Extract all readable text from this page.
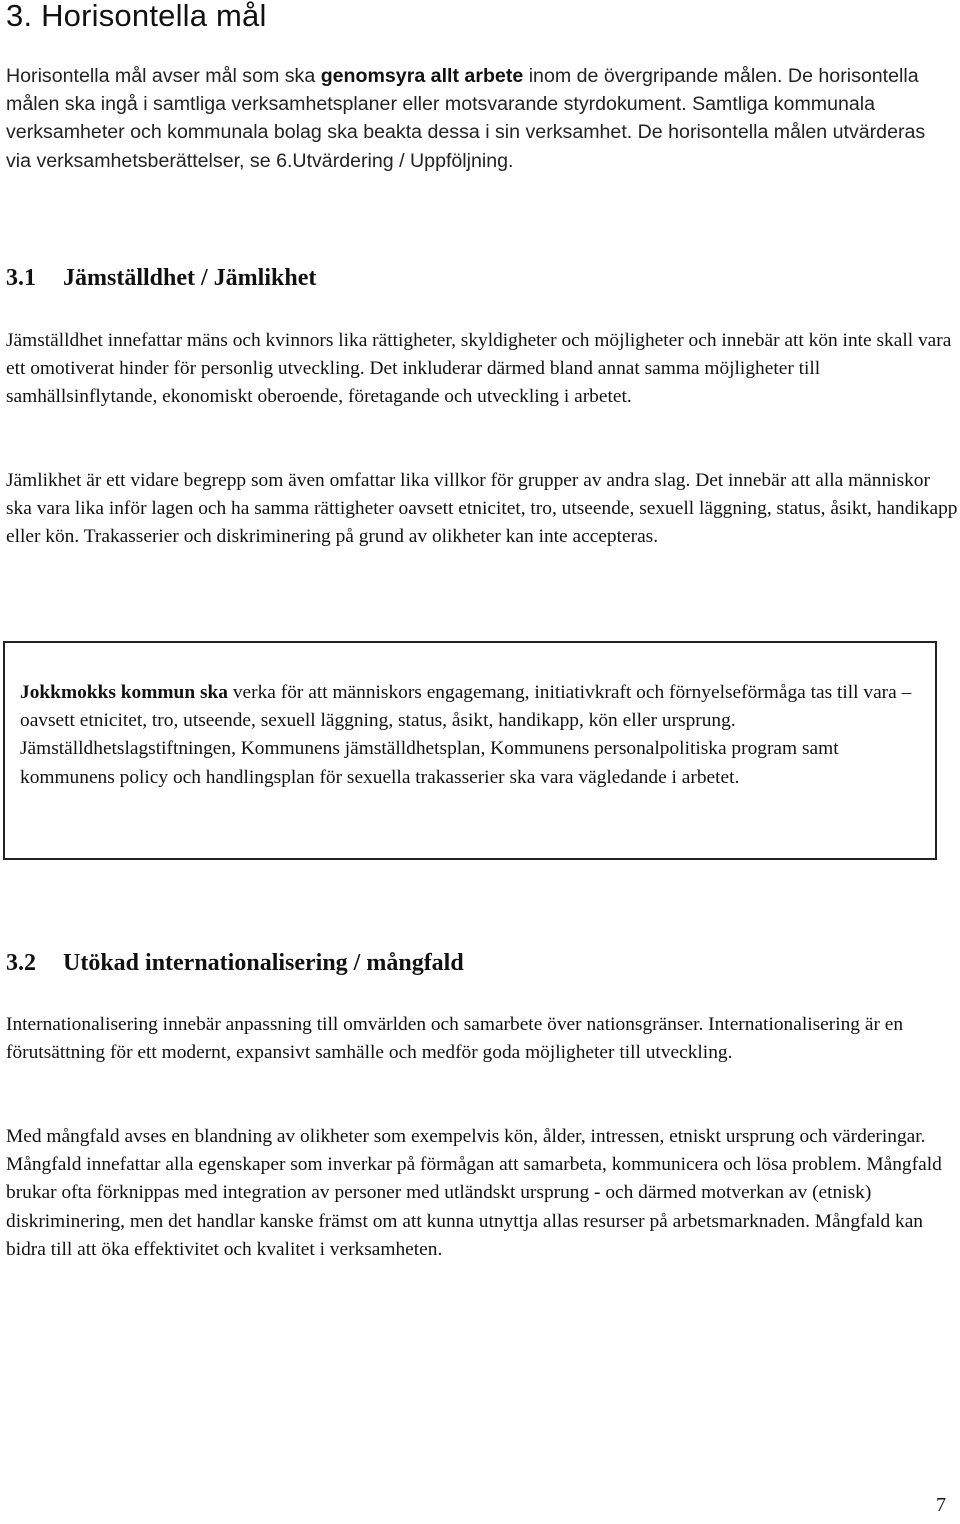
3. Horisontella mål

Horisontella mål avser mål som ska genomsyra allt arbete inom de övergripande målen. De horisontella målen ska ingå i samtliga verksamhetsplaner eller motsvarande styrdokument. Samtliga kommunala verksamheter och kommunala bolag ska beakta dessa i sin verksamhet. De horisontella målen utvärderas via verksamhetsberättelser, se 6.Utvärdering / Uppföljning.

3.1 Jämställdhet / Jämlikhet

Jämställdhet innefattar mäns och kvinnors lika rättigheter, skyldigheter och möjligheter och innebär att kön inte skall vara ett omotiverat hinder för personlig utveckling. Det inkluderar därmed bland annat samma möjligheter till samhällsinflytande, ekonomiskt oberoende, företagande och utveckling i arbetet.

Jämlikhet är ett vidare begrepp som även omfattar lika villkor för grupper av andra slag. Det innebär att alla människor ska vara lika inför lagen och ha samma rättigheter oavsett etnicitet, tro, utseende, sexuell läggning, status, åsikt, handikapp eller kön. Trakasserier och diskriminering på grund av olikheter kan inte accepteras.

Jokkmokks kommun ska verka för att människors engagemang, initiativkraft och förnyelseförmåga tas till vara – oavsett etnicitet, tro, utseende, sexuell läggning, status, åsikt, handikapp, kön eller ursprung. Jämställdhetslagstiftningen, Kommunens jämställdhetsplan, Kommunens personalpolitiska program samt kommunens policy och handlingsplan för sexuella trakasserier ska vara vägledande i arbetet.

3.2 Utökad internationalisering / mångfald

Internationalisering innebär anpassning till omvärlden och samarbete över nationsgränser. Internationalisering är en förutsättning för ett modernt, expansivt samhälle och medför goda möjligheter till utveckling.

Med mångfald avses en blandning av olikheter som exempelvis kön, ålder, intressen, etniskt ursprung och värderingar. Mångfald innefattar alla egenskaper som inverkar på förmågan att samarbeta, kommunicera och lösa problem. Mångfald brukar ofta förknippas med integration av personer med utländskt ursprung - och därmed motverkan av (etnisk) diskriminering, men det handlar kanske främst om att kunna utnyttja allas resurser på arbetsmarknaden. Mångfald kan bidra till att öka effektivitet och kvalitet i verksamheten.

7
